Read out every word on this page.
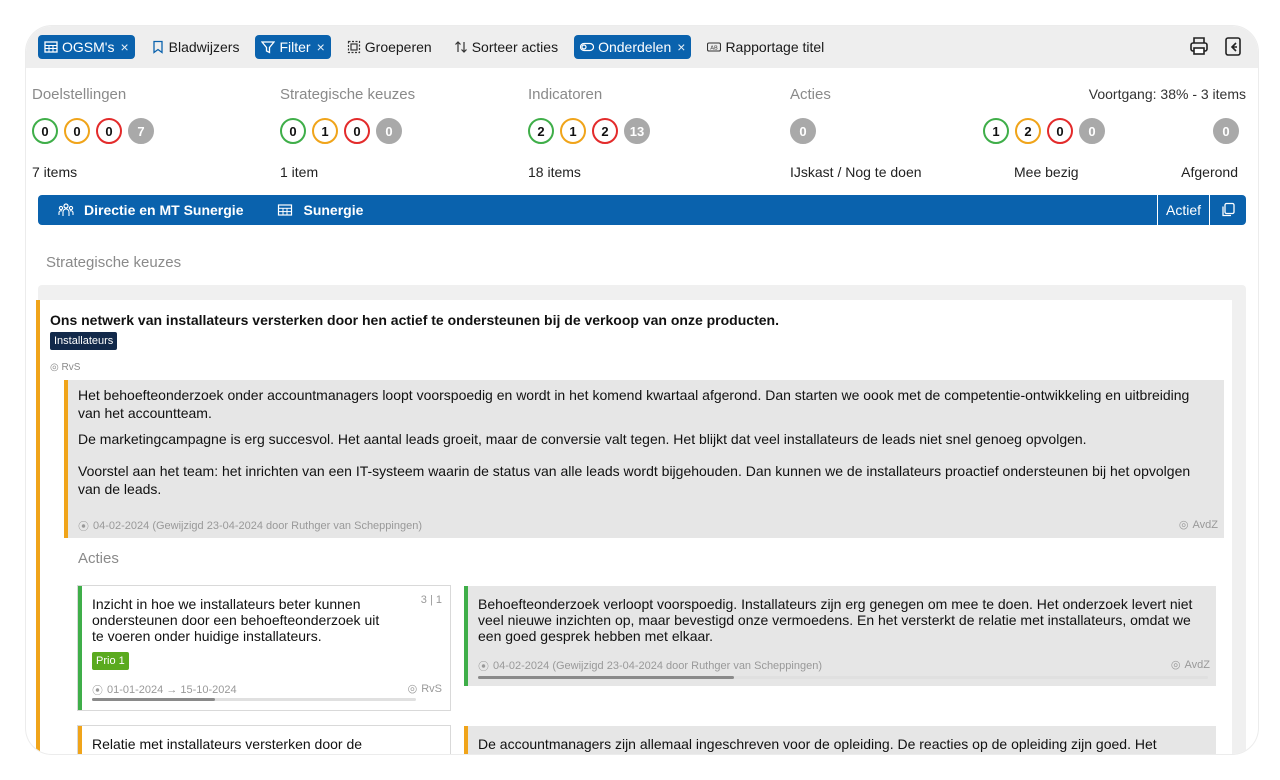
OGSM's ×	Bladwijzers	Filter ×	Groeperen	Sorteer acties	Onderdelen ×	AB Rapportage titel
Doelstellingen
0	0	0	7
7 items
Strategische keuzes
0	1	0	0
1 item
Indicatoren
2	1	2	13
18 items
Acties	Voortgang: 38% - 3 items
0
IJskast / Nog te doen
1	2	0	0
Mee bezig
0
Afgerond
Directie en MT Sunergie	Sunergie	Actief
Strategische keuzes
Ons netwerk van installateurs versterken door hen actief te ondersteunen bij de verkoop van onze producten.
Installateurs
◎ RvS

Het behoefteonderzoek onder accountmanagers loopt voorspoedig en wordt in het komend kwartaal afgerond. Dan starten we oook met de competentie-ontwikkeling en uitbreiding van het accountteam.

De marketingcampagne is erg succesvol. Het aantal leads groeit, maar de conversie valt tegen. Het blijkt dat veel installateurs de leads niet snel genoeg opvolgen.

Voorstel aan het team: het inrichten van een IT-systeem waarin de status van alle leads wordt bijgehouden. Dan kunnen we de installateurs proactief ondersteunen bij het opvolgen van de leads.

⦿ 04-02-2024 (Gewijzigd 23-04-2024 door Ruthger van Scheppingen)	◎ AvdZ
Acties
Inzicht in hoe we installateurs beter kunnen ondersteunen door een behoefteonderzoek uit te voeren onder huidige installateurs.
3 | 1
Prio 1
⦿ 01-01-2024 → 15-10-2024	◎ RvS

Behoefteonderzoek verloopt voorspoedig. Installateurs zijn erg genegen om mee te doen. Het onderzoek levert niet veel nieuwe inzichten op, maar bevestigd onze vermoedens. En het versterkt de relatie met installateurs, omdat we een goed gesprek hebben met elkaar.

⦿ 04-02-2024 (Gewijzigd 23-04-2024 door Ruthger van Scheppingen)	◎ AvdZ
Relatie met installateurs versterken door de	De accountmanagers zijn allemaal ingeschreven voor de opleiding. De reacties op de opleiding zijn goed. Het
